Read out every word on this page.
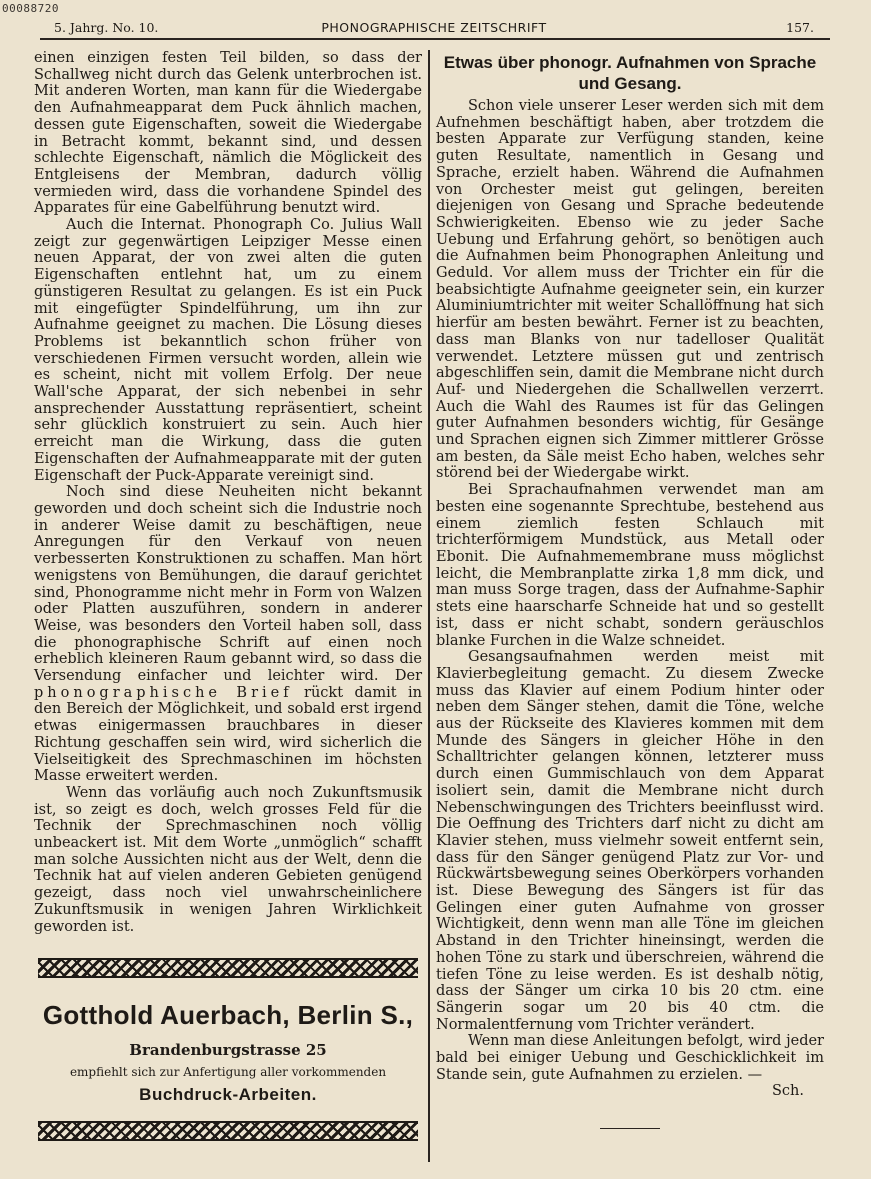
00088720
5. Jahrg. No. 10.	PHONOGRAPHISCHE ZEITSCHRIFT	157.

einen einzigen festen Teil bilden, so dass der Schallweg nicht durch das Gelenk unterbrochen ist. Mit anderen Worten, man kann für die Wiedergabe den Aufnahmeapparat dem Puck ähnlich machen, dessen gute Eigenschaften, soweit die Wiedergabe in Betracht kommt, bekannt sind, und dessen schlechte Eigenschaft, nämlich die Möglickeit des Entgleisens der Membran, dadurch völlig vermieden wird, dass die vorhandene Spindel des Apparates für eine Gabelführung benutzt wird.

Auch die Internat. Phonograph Co. Julius Wall zeigt zur gegenwärtigen Leipziger Messe einen neuen Apparat, der von zwei alten die guten Eigenschaften entlehnt hat, um zu einem günstigeren Resultat zu gelangen. Es ist ein Puck mit eingefügter Spindelführung, um ihn zur Aufnahme geeignet zu machen. Die Lösung dieses Problems ist bekanntlich schon früher von verschiedenen Firmen versucht worden, allein wie es scheint, nicht mit vollem Erfolg. Der neue Wall'sche Apparat, der sich nebenbei in sehr ansprechender Ausstattung repräsentiert, scheint sehr glücklich konstruiert zu sein. Auch hier erreicht man die Wirkung, dass die guten Eigenschaften der Aufnahmeapparate mit der guten Eigenschaft der Puck-Apparate vereinigt sind.

Noch sind diese Neuheiten nicht bekannt geworden und doch scheint sich die Industrie noch in anderer Weise damit zu beschäftigen, neue Anregungen für den Verkauf von neuen verbesserten Konstruktionen zu schaffen. Man hört wenigstens von Bemühungen, die darauf gerichtet sind, Phonogramme nicht mehr in Form von Walzen oder Platten auszuführen, sondern in anderer Weise, was besonders den Vorteil haben soll, dass die phonographische Schrift auf einen noch erheblich kleineren Raum gebannt wird, so dass die Versendung einfacher und leichter wird. Der phonographische Brief rückt damit in den Bereich der Möglichkeit, und sobald erst irgend etwas einigermassen brauchbares in dieser Richtung geschaffen sein wird, wird sicherlich die Vielseitigkeit des Sprechmaschinen im höchsten Masse erweitert werden.

Wenn das vorläufig auch noch Zukunftsmusik ist, so zeigt es doch, welch grosses Feld für die Technik der Sprechmaschinen noch völlig unbeackert ist. Mit dem Worte „unmöglich“ schafft man solche Aussichten nicht aus der Welt, denn die Technik hat auf vielen anderen Gebieten genügend gezeigt, dass noch viel unwahrscheinlichere Zukunftsmusik in wenigen Jahren Wirklichkeit geworden ist.

Gotthold Auerbach, Berlin S.,
Brandenburgstrasse 25
empfiehlt sich zur Anfertigung aller vorkommenden
Buchdruck-Arbeiten.
Etwas über phonogr. Aufnahmen von Sprache und Gesang.

Schon viele unserer Leser werden sich mit dem Aufnehmen beschäftigt haben, aber trotzdem die besten Apparate zur Verfügung standen, keine guten Resultate, namentlich in Gesang und Sprache, erzielt haben. Während die Aufnahmen von Orchester meist gut gelingen, bereiten diejenigen von Gesang und Sprache bedeutende Schwierigkeiten. Ebenso wie zu jeder Sache Uebung und Erfahrung gehört, so benötigen auch die Aufnahmen beim Phonographen Anleitung und Geduld. Vor allem muss der Trichter ein für die beabsichtigte Aufnahme geeigneter sein, ein kurzer Aluminiumtrichter mit weiter Schallöffnung hat sich hierfür am besten bewährt. Ferner ist zu beachten, dass man Blanks von nur tadelloser Qualität verwendet. Letztere müssen gut und zentrisch abgeschliffen sein, damit die Membrane nicht durch Auf- und Niedergehen die Schallwellen verzerrt. Auch die Wahl des Raumes ist für das Gelingen guter Aufnahmen besonders wichtig, für Gesänge und Sprachen eignen sich Zimmer mittlerer Grösse am besten, da Säle meist Echo haben, welches sehr störend bei der Wiedergabe wirkt.

Bei Sprachaufnahmen verwendet man am besten eine sogenannte Sprechtube, bestehend aus einem ziemlich festen Schlauch mit trichterförmigem Mundstück, aus Metall oder Ebonit. Die Aufnahmemembrane muss möglichst leicht, die Membranplatte zirka 1,8 mm dick, und man muss Sorge tragen, dass der Aufnahme-Saphir stets eine haarscharfe Schneide hat und so gestellt ist, dass er nicht schabt, sondern geräuschlos blanke Furchen in die Walze schneidet.

Gesangsaufnahmen werden meist mit Klavierbegleitung gemacht. Zu diesem Zwecke muss das Klavier auf einem Podium hinter oder neben dem Sänger stehen, damit die Töne, welche aus der Rückseite des Klavieres kommen mit dem Munde des Sängers in gleicher Höhe in den Schalltrichter gelangen können, letzterer muss durch einen Gummischlauch von dem Apparat isoliert sein, damit die Membrane nicht durch Nebenschwingungen des Trichters beeinflusst wird. Die Oeffnung des Trichters darf nicht zu dicht am Klavier stehen, muss vielmehr soweit entfernt sein, dass für den Sänger genügend Platz zur Vor- und Rückwärtsbewegung seines Oberkörpers vorhanden ist. Diese Bewegung des Sängers ist für das Gelingen einer guten Aufnahme von grosser Wichtigkeit, denn wenn man alle Töne im gleichen Abstand in den Trichter hineinsingt, werden die hohen Töne zu stark und überschreien, während die tiefen Töne zu leise werden. Es ist deshalb nötig, dass der Sänger um cirka 10 bis 20 ctm. eine Sängerin sogar um 20 bis 40 ctm. die Normalentfernung vom Trichter verändert.

Wenn man diese Anleitungen befolgt, wird jeder bald bei einiger Uebung und Geschicklichkeit im Stande sein, gute Aufnahmen zu erzielen. —

Sch.
